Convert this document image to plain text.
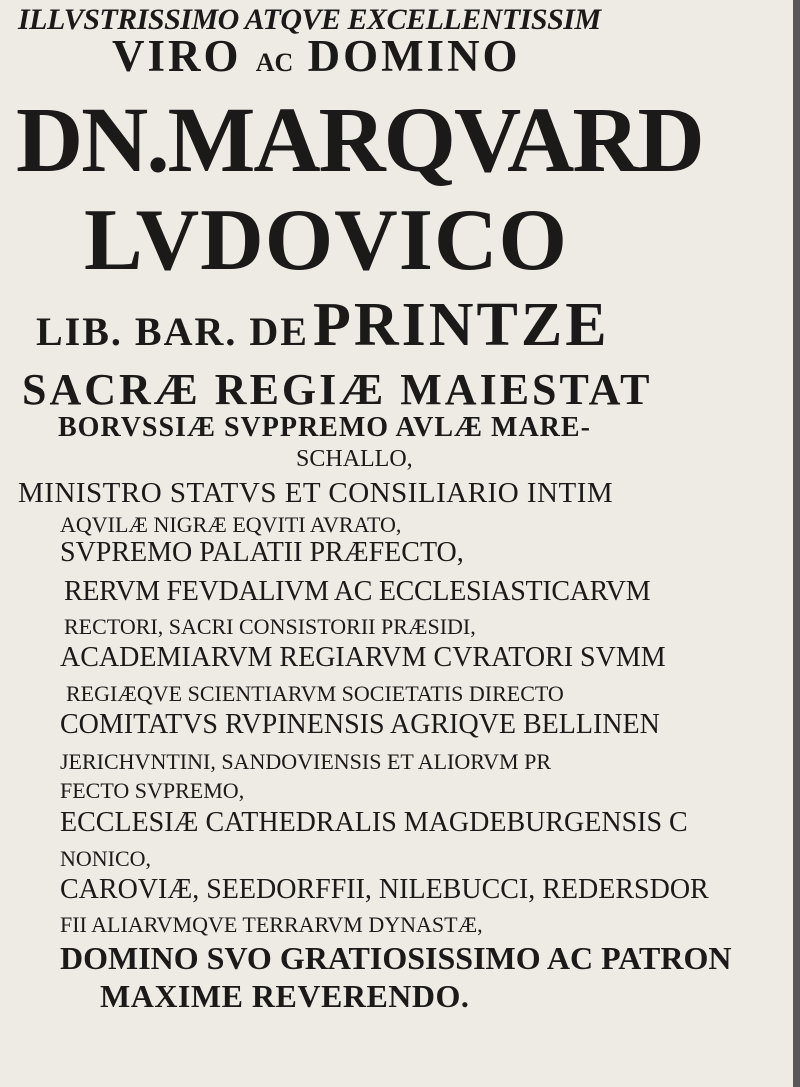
ILLVSTRISSIMO ATQVE EXCELLENTISSIM
VIRO AC DOMINO
DN.MARQVARD
LVDOVICO
LIB. BAR. DE PRINTZE
SACRÆ REGIÆ MAIESTAT
BORVSSIÆ SVPPREMO AVLÆ MARE-
SCHALLO,
MINISTRO STATVS ET CONSILIARIO INTIM
AQVILÆ NIGRÆ EQVITI AVRATO,
SVPREMO PALATII PRÆFECTO,
RERVM FEVDALIVM AC ECCLESIASTICARVM
RECTORI, SACRI CONSISTORII PRÆSIDI,
ACADEMIARVM REGIARVM CVRATORI SVMM
REGIÆQVE SCIENTIARVM SOCIETATIS DIRECTO
COMITATVS RVPINENSIS AGRIQVE BELLINEN
JERICHVNTINI, SANDOVIENSIS ET ALIORVM PR
FECTO SVPREMO,
ECCLESIÆ CATHEDRALIS MAGDEBURGENSIS C
NONICO,
CAROVIÆ, SEEDORFFII, NILEBUCCI, REDERSDOR
FII ALIARVMQVE TERRARVM DYNASTÆ,
DOMINO SVO GRATIOSISSIMO AC PATRON
MAXIME REVERENDO.
